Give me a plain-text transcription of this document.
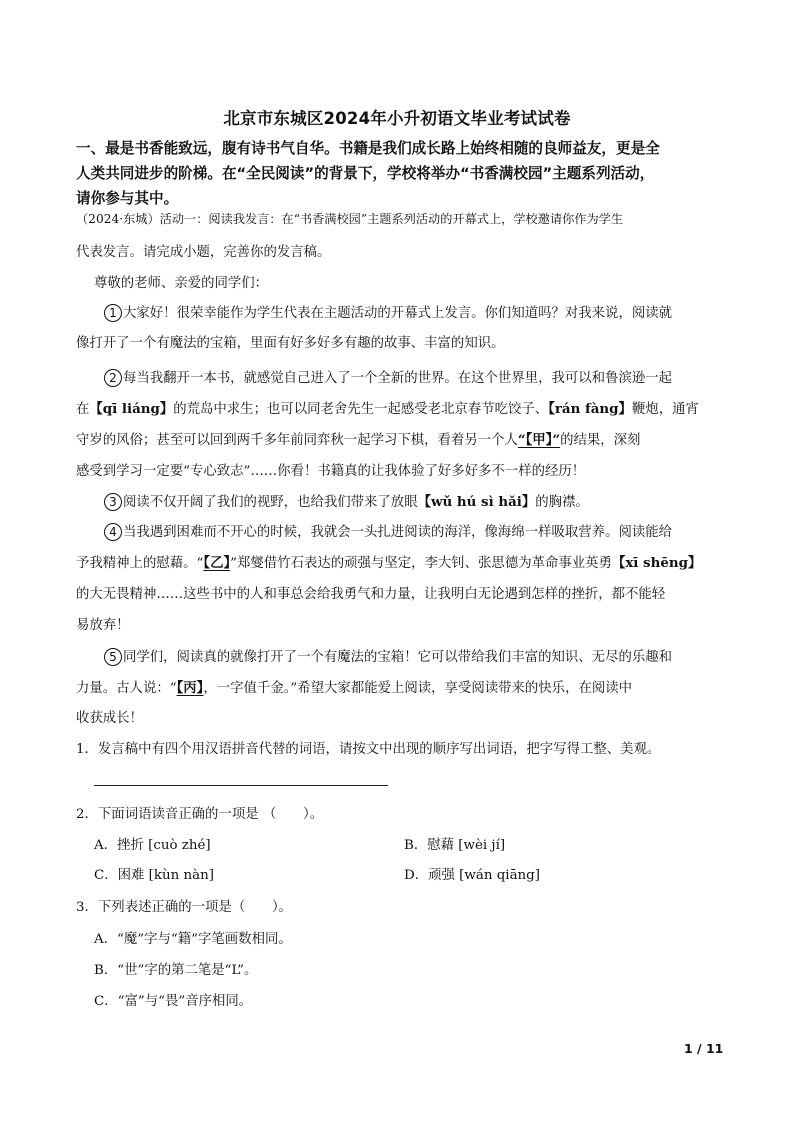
北京市东城区2024年小升初语文毕业考试试卷

一、最是书香能致远，腹有诗书气自华。书籍是我们成长路上始终相随的良师益友，更是全

人类共同进步的阶梯。在“全民阅读”的背景下，学校将举办“书香满校园”主题系列活动，

请你参与其中。

（2024·东城）活动一：阅读我发言：在“书香满校园”主题系列活动的开幕式上，学校邀请你作为学生
代表发言。请完成小题，完善你的发言稿。
尊敬的老师、亲爱的同学们：
1 大家好！很荣幸能作为学生代表在主题活动的开幕式上发言。你们知道吗？对我来说，阅读就
像打开了一个有魔法的宝箱，里面有好多好多有趣的故事、丰富的知识。
2 每当我翻开一本书，就感觉自己进入了一个全新的世界。在这个世界里，我可以和鲁滨逊一起
在【qī liáng】的荒岛中求生；也可以同老舍先生一起感受老北京春节吃饺子、【rán fàng】鞭炮，通宵
守岁的风俗；甚至可以回到两千多年前同弈秋一起学习下棋，看着另一个人“【甲】”的结果，深刻
感受到学习一定要“专心致志”……你看！书籍真的让我体验了好多好多不一样的经历！
3 阅读不仅开阔了我们的视野，也给我们带来了放眼【wǔ hú sì hǎi】的胸襟。
4 当我遇到困难而不开心的时候，我就会一头扎进阅读的海洋，像海绵一样吸取营养。阅读能给
予我精神上的慰藉。“【乙】”郑燮借竹石表达的顽强与坚定，李大钊、张思德为革命事业英勇【xī shēng】
的大无畏精神……这些书中的人和事总会给我勇气和力量，让我明白无论遇到怎样的挫折，都不能轻
易放弃！
5 同学们，阅读真的就像打开了一个有魔法的宝箱！它可以带给我们丰富的知识、无尽的乐趣和
力量。古人说：“【丙】，一字值千金。”希望大家都能爱上阅读，享受阅读带来的快乐，在阅读中
收获成长！
1．发言稿中有四个用汉语拼音代替的词语，请按文中出现的顺序写出词语，把字写得工整、美观。
2．下面词语读音正确的一项是 （　　）。
A．挫折 [cuò zhé]	B．慰藉 [wèi jí]
C．困难 [kùn nàn]	D．顽强 [wán qiāng]
3．下列表述正确的一项是（　　）。
A．“魔”字与“籍”字笔画数相同。
B．“世”字的第二笔是“L”。
C．“富”与“畏”音序相同。
1 / 11
